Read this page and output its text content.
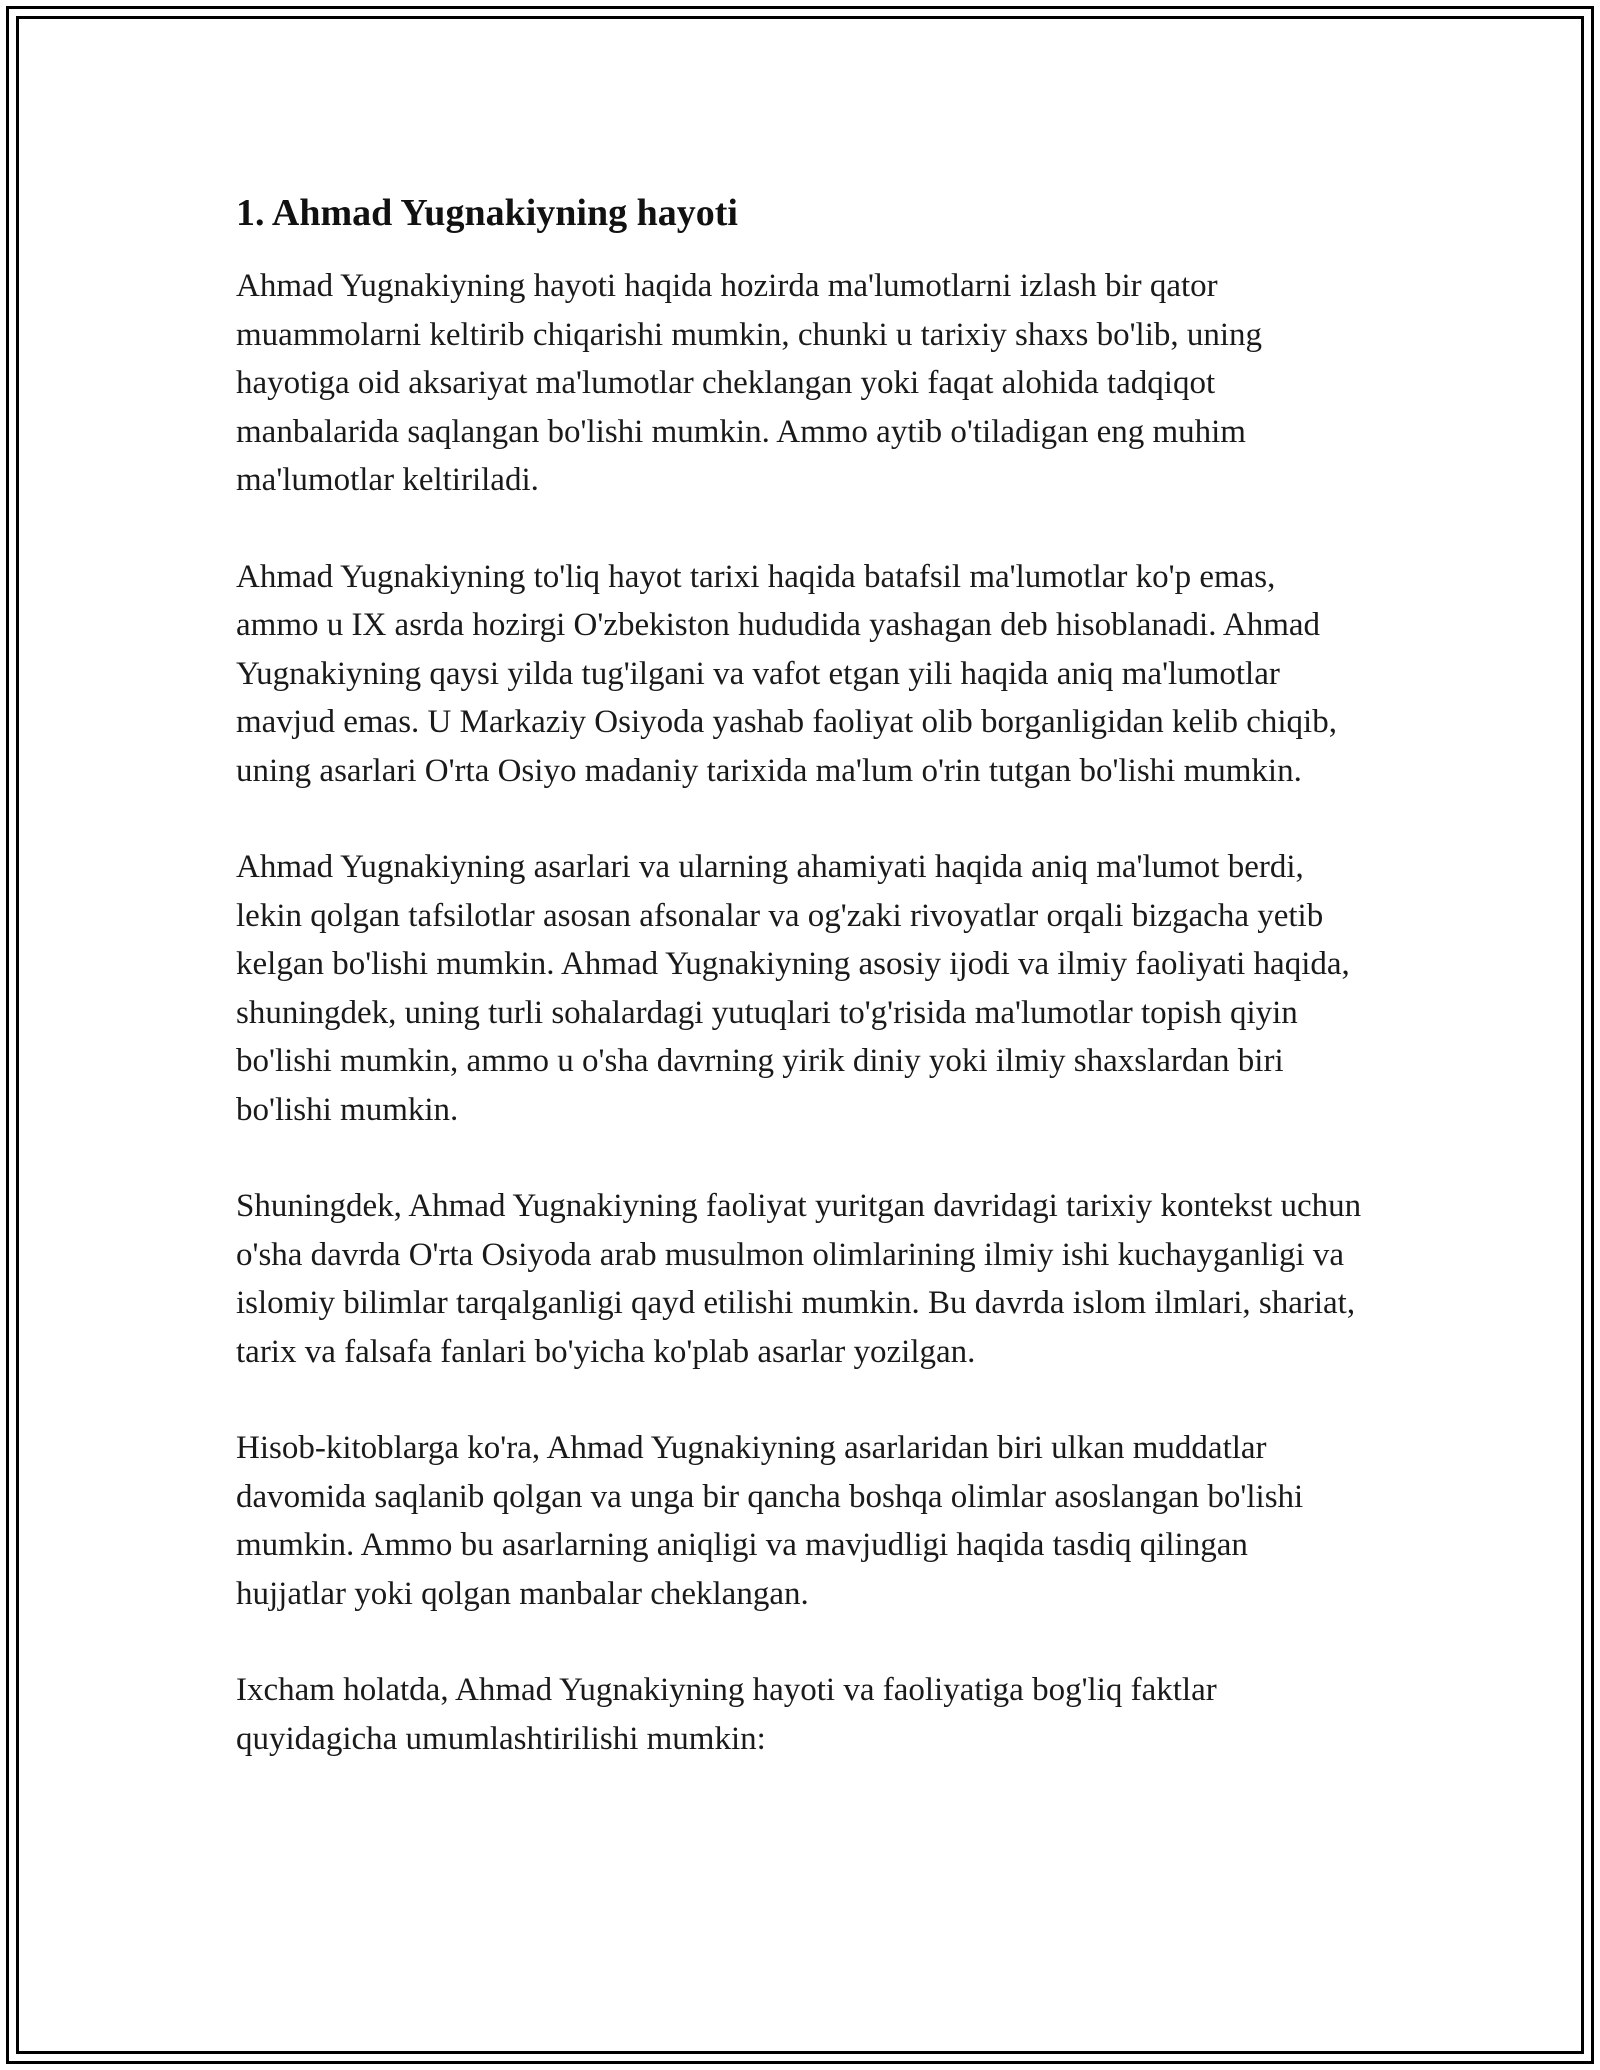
1. Ahmad Yugnakiyning hayoti

Ahmad Yugnakiyning hayoti haqida hozirda ma'lumotlarni izlash bir qator muammolarni keltirib chiqarishi mumkin, chunki u tarixiy shaxs bo'lib, uning hayotiga oid aksariyat ma'lumotlar cheklangan yoki faqat alohida tadqiqot manbalarida saqlangan bo'lishi mumkin. Ammo aytib o'tiladigan eng muhim ma'lumotlar keltiriladi.

Ahmad Yugnakiyning to'liq hayot tarixi haqida batafsil ma'lumotlar ko'p emas, ammo u IX asrda hozirgi O'zbekiston hududida yashagan deb hisoblanadi. Ahmad Yugnakiyning qaysi yilda tug'ilgani va vafot etgan yili haqida aniq ma'lumotlar mavjud emas. U Markaziy Osiyoda yashab faoliyat olib borganligidan kelib chiqib, uning asarlari O'rta Osiyo madaniy tarixida ma'lum o'rin tutgan bo'lishi mumkin.

Ahmad Yugnakiyning asarlari va ularning ahamiyati haqida aniq ma'lumot berdi, lekin qolgan tafsilotlar asosan afsonalar va og'zaki rivoyatlar orqali bizgacha yetib kelgan bo'lishi mumkin. Ahmad Yugnakiyning asosiy ijodi va ilmiy faoliyati haqida, shuningdek, uning turli sohalardagi yutuqlari to'g'risida ma'lumotlar topish qiyin bo'lishi mumkin, ammo u o'sha davrning yirik diniy yoki ilmiy shaxslardan biri bo'lishi mumkin.

Shuningdek, Ahmad Yugnakiyning faoliyat yuritgan davridagi tarixiy kontekst uchun o'sha davrda O'rta Osiyoda arab musulmon olimlarining ilmiy ishi kuchayganligi va islomiy bilimlar tarqalganligi qayd etilishi mumkin. Bu davrda islom ilmlari, shariat, tarix va falsafa fanlari bo'yicha ko'plab asarlar yozilgan.

Hisob-kitoblarga ko'ra, Ahmad Yugnakiyning asarlaridan biri ulkan muddatlar davomida saqlanib qolgan va unga bir qancha boshqa olimlar asoslangan bo'lishi mumkin. Ammo bu asarlarning aniqligi va mavjudligi haqida tasdiq qilingan hujjatlar yoki qolgan manbalar cheklangan.

Ixcham holatda, Ahmad Yugnakiyning hayoti va faoliyatiga bog'liq faktlar quyidagicha umumlashtirilishi mumkin:
